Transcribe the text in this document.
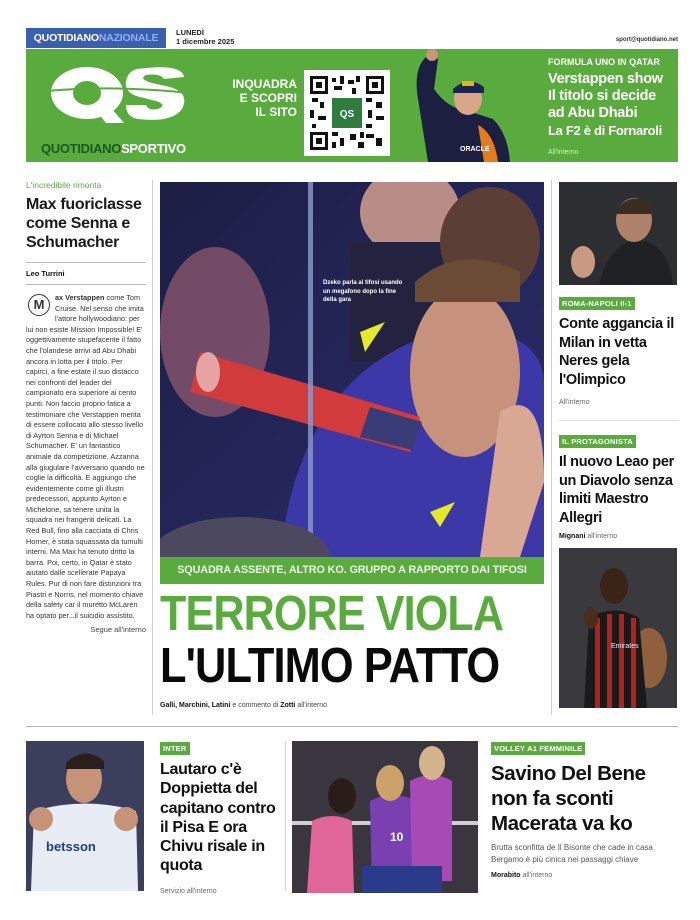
QUOTIDIANONAZIONALE	LUNEDÌ
1 dicembre 2025	sport@quotidiano.net
QUOTIDIANOSPORTIVO
INQUADRA
E SCOPRI
IL SITO	QS
ORACLE
FORMULA UNO IN QATAR
Verstappen show
Il titolo si decide
ad Abu Dhabi
La F2 è di Fornaroli
All'interno
L'incredibile rimonta
Max fuoriclasse come Senna e Schumacher
Leo Turrini
M	ax Verstappen come Tom Cruise. Nel senso che imita l'attore hollywoodiano: per lui non esiste Mission Impossible! E' oggettivamente stupefacente il fatto che l'olandese arrivi ad Abu Dhabi ancora in lotta per il titolo. Per capirci, a fine estate il suo distacco nei confronti del leader del campionato era superiore ai cento punti. Non faccio proprio fatica a testimoniare che Verstappen merita di essere collocato allo stesso livello di Ayrton Senna e di Michael Schumacher. E' un fantastico animale da competizione. Azzanna alla giugulare l'avversario quando ne coglie la difficoltà. E aggiungo che evidentemente come gli illustri predecessori, appunto Ayrton e Michelone, sa tenere unita la squadra nei frangenti delicati. La Red Bull, fino alla cacciata di Chris Horner, è stata squassata da tumulti interni. Ma Max ha tenuto dritto la barra. Poi, certo, in Qatar è stato aiutato dalle scellerate Papaya Rules. Pur di non fare distinzioni tra Piastri e Norris, nel momento chiave della safety car il muretto McLaren ha optato per...il suicidio assistito.
Segue all'interno
Dzeko parla ai tifosi usando un megafono dopo la fine della gara
SQUADRA ASSENTE, ALTRO KO. GRUPPO A RAPPORTO DAI TIFOSI
TERRORE VIOLA
L'ULTIMO PATTO
Galli, Marchini, Latini e commento di Zotti all'interno
ROMA-NAPOLI 0-1
Conte aggancia il Milan in vetta Neres gela l'Olimpico
All'interno
IL PROTAGONISTA
Il nuovo Leao per un Diavolo senza limiti Maestro Allegri
Mignani all'interno
Emirates
betsson
INTER
Lautaro c'è Doppietta del capitano contro il Pisa E ora Chivu risale in quota
Servizio all'interno
10
VOLLEY A1 FEMMINILE
Savino Del Bene non fa sconti Macerata va ko
Brutta sconfitta de Il Bisonte che cade in casa Bergamo è più cinica nei passaggi chiave
Morabito all'interno
